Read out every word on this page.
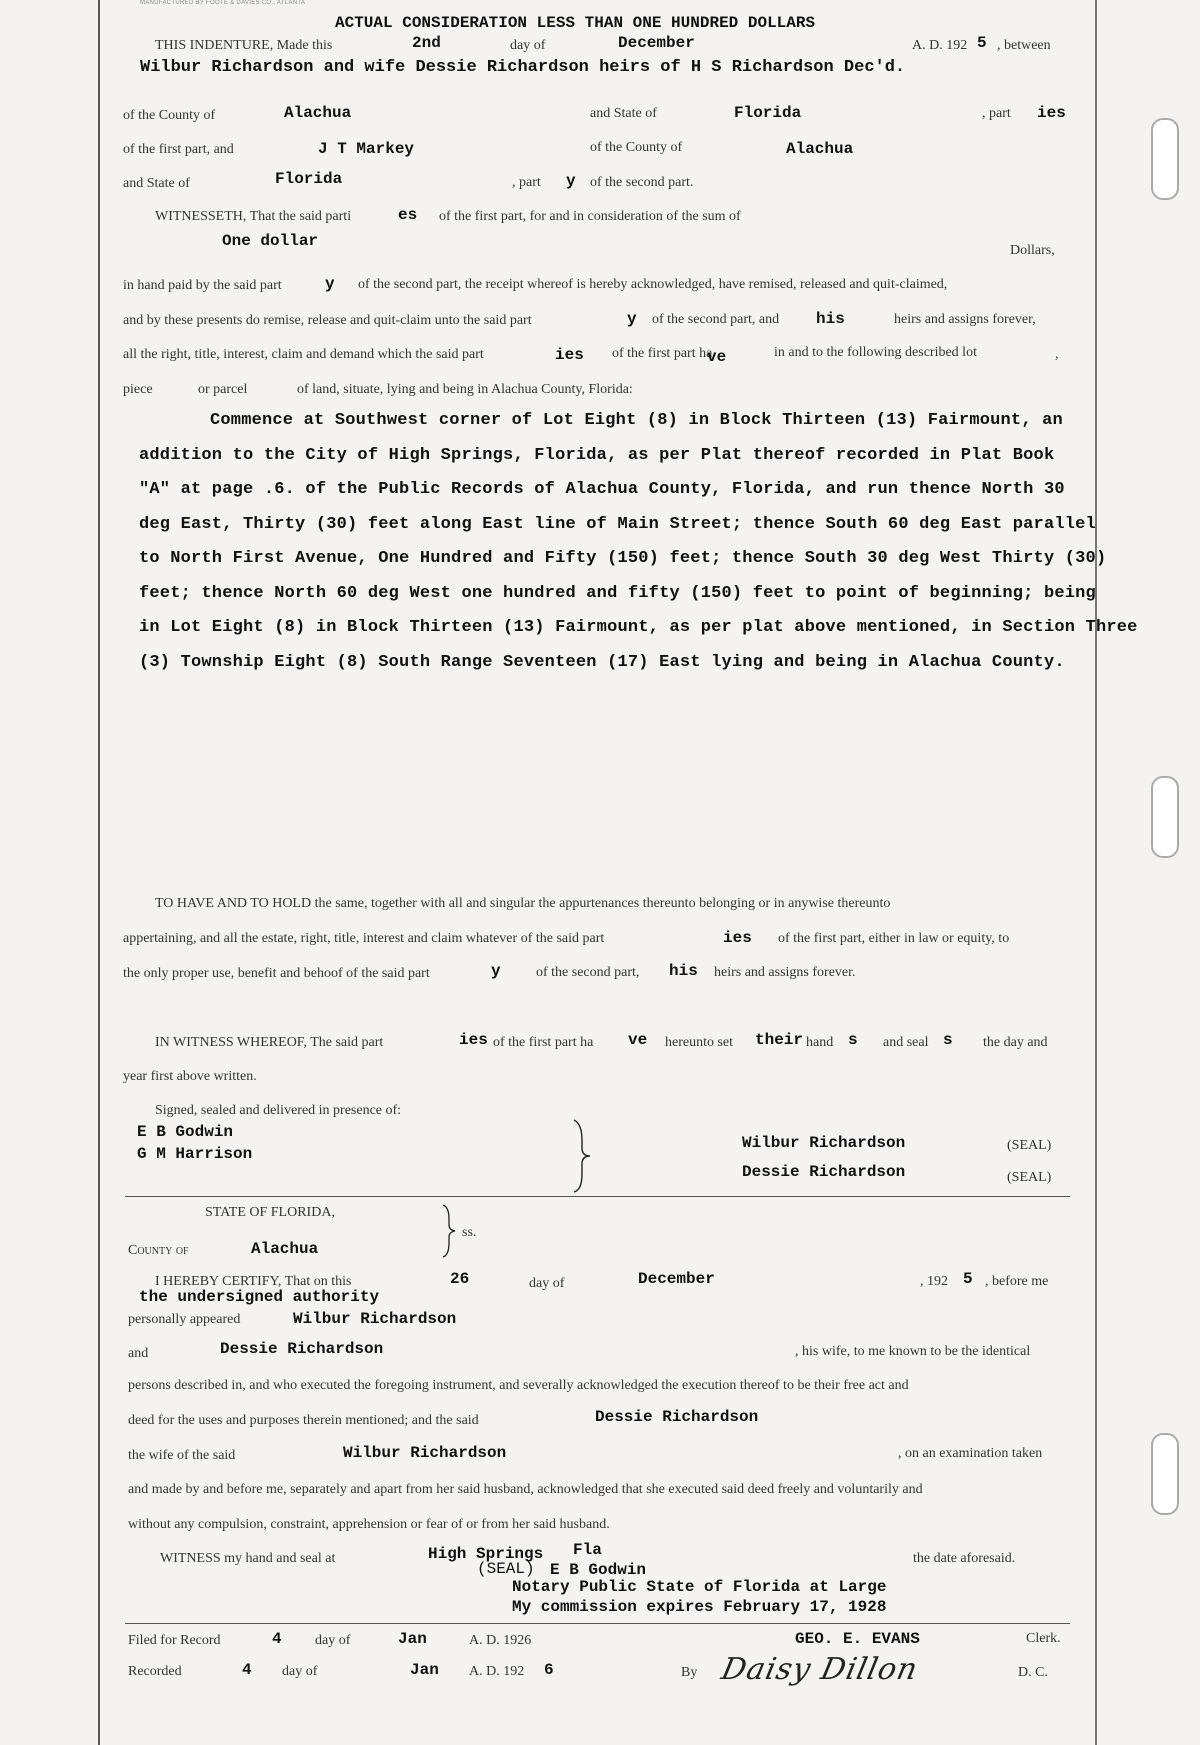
MANUFACTURED BY FOOTE & DAVIES CO., ATLANTA
ACTUAL CONSIDERATION LESS THAN ONE HUNDRED DOLLARS
THIS INDENTURE, Made this	2nd	day of	December	A. D. 192 5 , between
Wilbur Richardson and wife Dessie Richardson heirs of H S Richardson Dec'd.
of the County of	Alachua	and State of	Florida	, part ies
of the first part, and	J T Markey	of the County of	Alachua
and State of	Florida	, part y of the second part.
WITNESSETH, That the said parti	es of the first part, for and in consideration of the sum of
One dollar
Dollars,
in hand paid by the said part	y of the second part, the receipt whereof is hereby acknowledged, have remised, released and quit-claimed,
and by these presents do remise, release and quit-claim unto the said part	y of the second part, and his	heirs and assigns forever,
all the right, title, interest, claim and demand which the said part	ies of the first part ha
ve	in and to the following described lot	,
piece	or parcel	of land, situate, lying and being in Alachua County, Florida:
Commence at Southwest corner of Lot Eight (8) in Block Thirteen (13) Fairmount, an
addition to the City of High Springs, Florida, as per Plat thereof recorded in Plat Book
"A" at page .6. of the Public Records of Alachua County, Florida, and run thence North 30
deg East, Thirty (30) feet along East line of Main Street; thence South 60 deg East parallel
to North First Avenue, One Hundred and Fifty (150) feet; thence South 30 deg West Thirty (30)
feet; thence North 60 deg West one hundred and fifty (150) feet to point of beginning; being
in Lot Eight (8) in Block Thirteen (13) Fairmount, as per plat above mentioned, in Section Three
(3) Township Eight (8) South Range Seventeen (17) East lying and being in Alachua County.
TO HAVE AND TO HOLD the same, together with all and singular the appurtenances thereunto belonging or in anywise thereunto
appertaining, and all the estate, right, title, interest and claim whatever of the said part	ies of the first part, either in law or equity, to
the only proper use, benefit and behoof of the said part	y	of the second part, his heirs and assigns forever.
IN WITNESS WHEREOF, The said part	ies of the first part ha ve hereunto set their hand s and seal s the day and
year first above written.
Signed, sealed and delivered in presence of:
E B Godwin
G M Harrison
Wilbur Richardson	(SEAL)
Dessie Richardson	(SEAL)
STATE OF FLORIDA,
ss.
County of	Alachua
I HEREBY CERTIFY, That on this	26	day of	December	, 192 5 , before me
the undersigned authority
personally appeared	Wilbur Richardson
and	Dessie Richardson	, his wife, to me known to be the identical
persons described in, and who executed the foregoing instrument, and severally acknowledged the execution thereof to be their free act and
deed for the uses and purposes therein mentioned; and the said	Dessie Richardson
the wife of the said	Wilbur Richardson	, on an examination taken
and made by and before me, separately and apart from her said husband, acknowledged that she executed said deed freely and voluntarily and
without any compulsion, constraint, apprehension or fear of or from her said husband.
WITNESS my hand and seal at	High Springs Fla	the date aforesaid.
(SEAL) E B Godwin
Notary Public State of Florida at Large
My commission expires February 17, 1928
Filed for Record	4 day of	Jan	A. D. 1926	GEO. E. EVANS	Clerk.
Recorded	4 day of	Jan A. D. 192 6	By Daisy Dillon	D. C.
